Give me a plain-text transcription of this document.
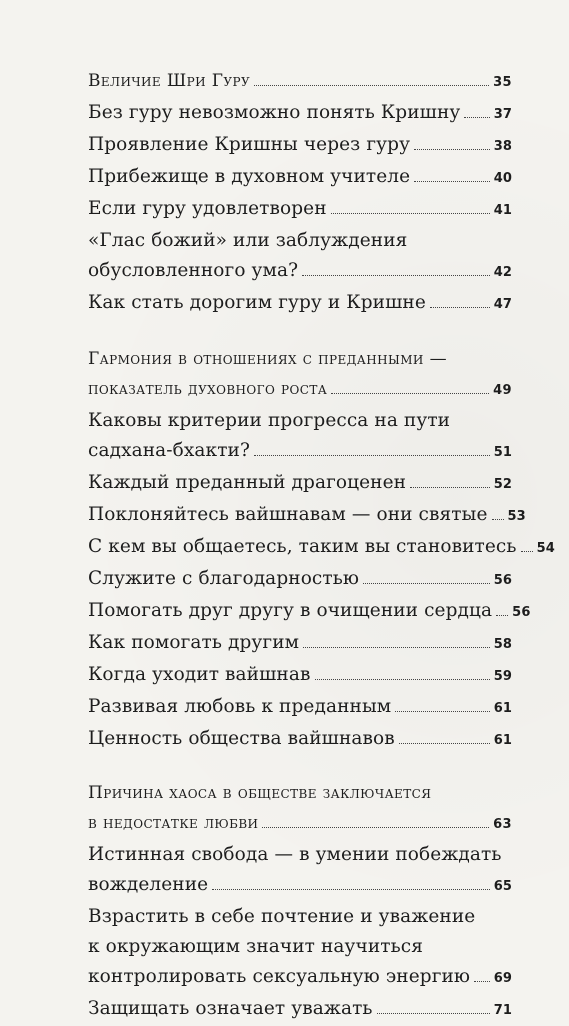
Величие Шри Гуру	35
Без гуру невозможно понять Кришну	37
Проявление Кришны через гуру	38
Прибежище в духовном учителе	40
Если гуру удовлетворен	41
«Глас божий» или заблуждения
обусловленного ума?	42
Как стать дорогим гуру и Кришне	47
Гармония в отношениях с преданными —
показатель духовного роста	49
Каковы критерии прогресса на пути
садхана-бхакти?	51
Каждый преданный драгоценен	52
Поклоняйтесь вайшнавам — они святые 53
С кем вы общаетесь, таким вы становитесь 54
Служите с благодарностью	56
Помогать друг другу в очищении сердца 56
Как помогать другим	58
Когда уходит вайшнав	59
Развивая любовь к преданным	61
Ценность общества вайшнавов	61
Причина хаоса в обществе заключается
в недостатке любви	63
Истинная свобода — в умении побеждать
вожделение	65
Взрастить в себе почтение и уважение
к окружающим значит научиться
контролировать сексуальную энергию 69
Защищать означает уважать	71
